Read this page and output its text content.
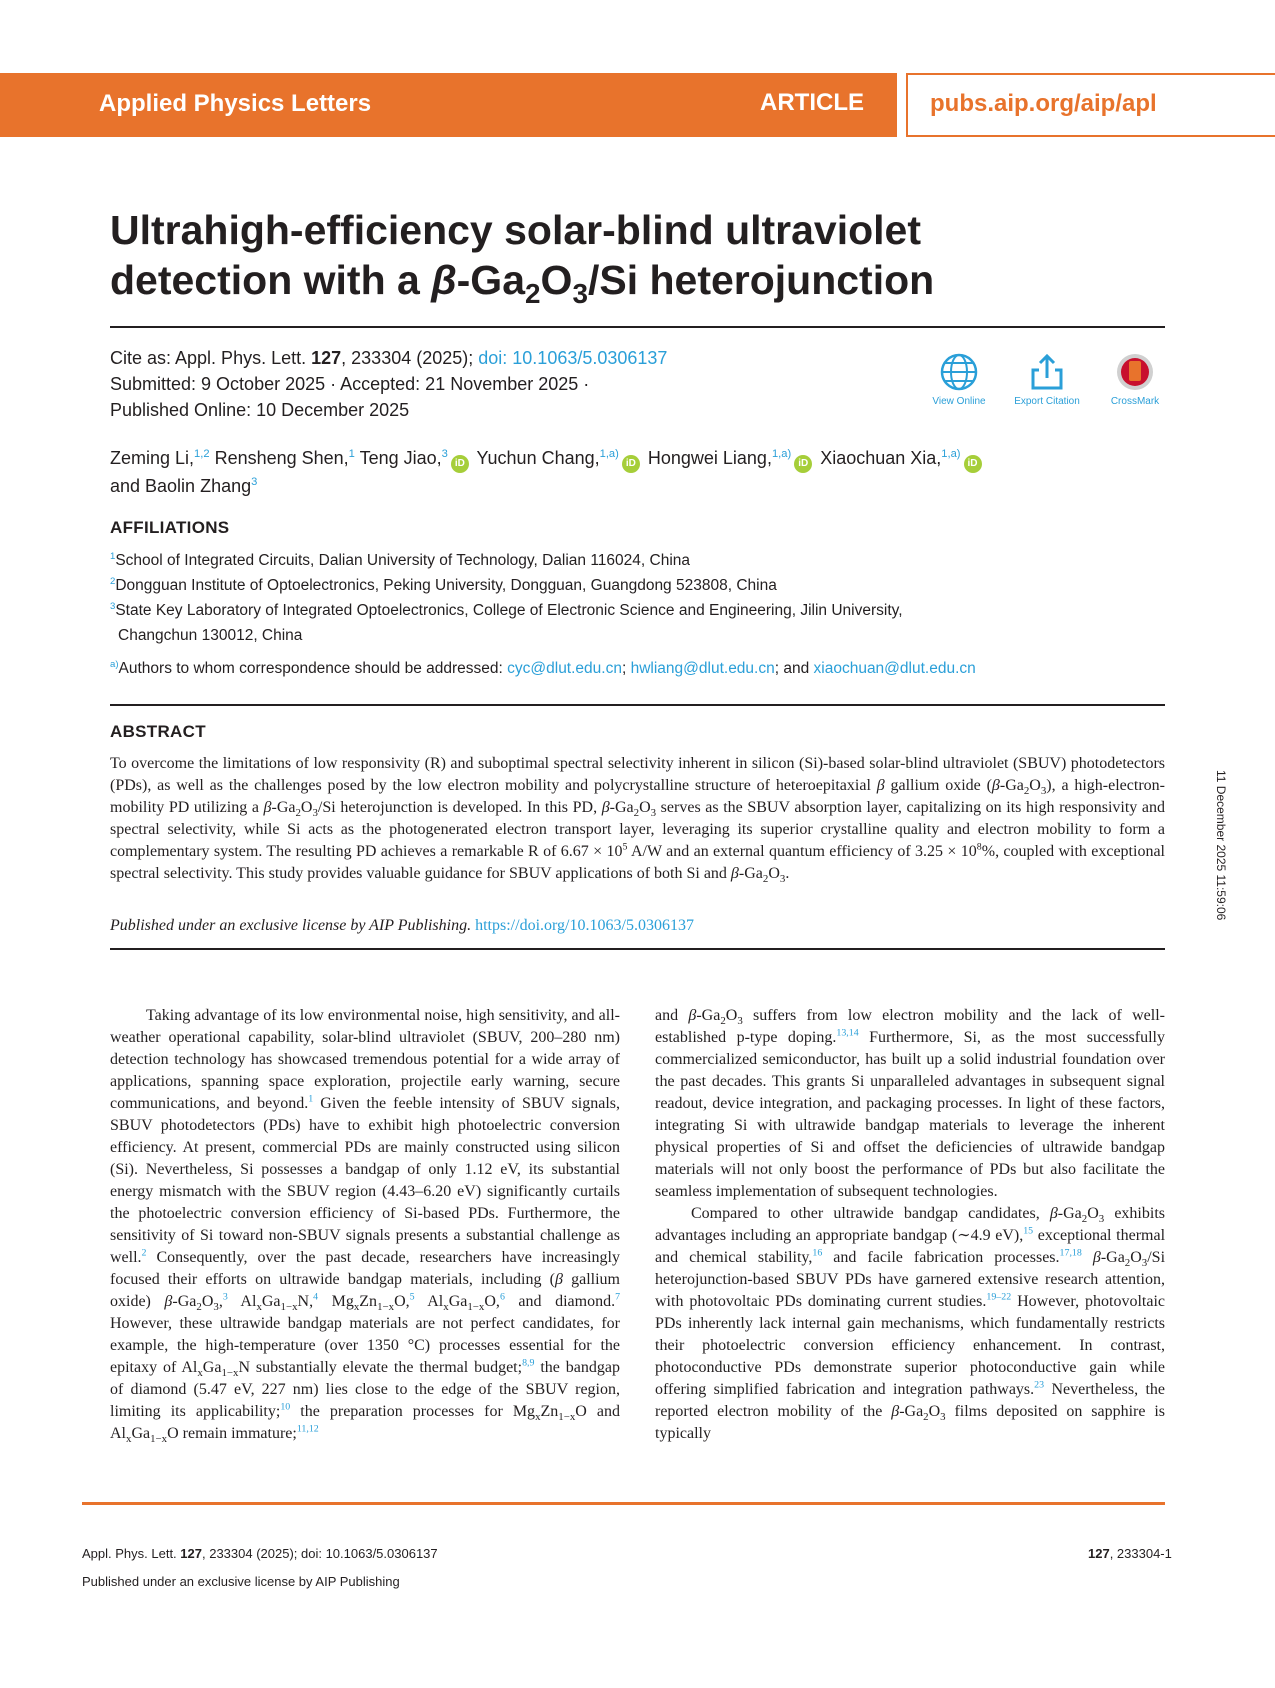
Applied Physics Letters	ARTICLE	pubs.aip.org/aip/apl
Ultrahigh-efficiency solar-blind ultraviolet
detection with a $\beta-Ga_2O_3/Si$ heterojunction
Cite as: Appl. Phys. Lett. 127, 233304 (2025); doi: 10.1063/5.0306137
Submitted: 9 October 2025 · Accepted: 21 November 2025 ·
Published Online: 10 December 2025	View Online	Export Citation	CrossMark
Zeming Li,$^{1,2}$ Rensheng Shen,$^1$ Teng Jiao,$^3$iD Yuchun Chang,$^{1,a)}$iD Hongwei Liang,$^{1,a)}$iD Xiaochuan Xia,$^{1,a)}$iD
and Baolin Zhang$^3$
AFFILIATIONS
$^1$School of Integrated Circuits, Dalian University of Technology, Dalian 116024, China
$^2$Dongguan Institute of Optoelectronics, Peking University, Dongguan, Guangdong 523808, China
$^3$State Key Laboratory of Integrated Optoelectronics, College of Electronic Science and Engineering, Jilin University,
Changchun 130012, China
$^{a)}$Authors to whom correspondence should be addressed: cyc@dlut.edu.cn; hwliang@dlut.edu.cn; and xiaochuan@dlut.edu.cn
ABSTRACT
To overcome the limitations of low responsivity (R) and suboptimal spectral selectivity inherent in silicon (Si)-based solar-blind ultraviolet (SBUV) photodetectors (PDs), as well as the challenges posed by the low electron mobility and polycrystalline structure of heteroepitaxial β gallium oxide $(\beta-Ga_2O_3)$, a high-electron-mobility PD utilizing a $\beta-Ga_2O_3/Si$ heterojunction is developed. In this PD, $\beta-Ga_2O_3$ serves as the SBUV absorption layer, capitalizing on its high responsivity and spectral selectivity, while Si acts as the photogenerated electron transport layer, leveraging its superior crystalline quality and electron mobility to form a complementary system. The resulting PD achieves a remarkable R of $6.67 \times 10^5$ A/W and an external quantum efficiency of $3.25 \times 10^8\%$, coupled with exceptional spectral selectivity. This study provides valuable guidance for SBUV applications of both Si and $\beta-Ga_2O_3$.
Published under an exclusive license by AIP Publishing. https://doi.org/10.1063/5.0306137
11 December 2025 11:59:06
Taking advantage of its low environmental noise, high sensitivity, and all-weather operational capability, solar-blind ultraviolet (SBUV, 200–280 nm) detection technology has showcased tremendous potential for a wide array of applications, spanning space exploration, projectile early warning, secure communications, and beyond.$^1$ Given the feeble intensity of SBUV signals, SBUV photodetectors (PDs) have to exhibit high photoelectric conversion efficiency. At present, commercial PDs are mainly constructed using silicon (Si). Nevertheless, Si possesses a bandgap of only 1.12 eV, its substantial energy mismatch with the SBUV region (4.43–6.20 eV) significantly curtails the photoelectric conversion efficiency of Si-based PDs. Furthermore, the sensitivity of Si toward non-SBUV signals presents a substantial challenge as well.$^2$ Consequently, over the past decade, researchers have increasingly focused their efforts on ultrawide bandgap materials, including (β gallium oxide) $\beta-Ga_2O_3,^3$ $Al_xGa_{1-x}N,^4$ $Mg_xZn_{1-x}O,^5$ $Al_xGa_{1-x}O,^6$ and diamond.$^7$ However, these ultrawide bandgap materials are not perfect candidates, for example, the high-temperature (over 1350 °C) processes essential for the epitaxy of $Al_xGa_{1-x}N$ substantially elevate the thermal budget;$^{8,9}$ the bandgap of diamond (5.47 eV, 227 nm) lies close to the edge of the SBUV region, limiting its applicability;$^{10}$ the preparation processes for $Mg_xZn_{1-x}O$ and $Al_xGa_{1-x}O$ remain immature;$^{11,12}$
and $\beta-Ga_2O_3$ suffers from low electron mobility and the lack of well-established p-type doping.$^{13,14}$ Furthermore, Si, as the most successfully commercialized semiconductor, has built up a solid industrial foundation over the past decades. This grants Si unparalleled advantages in subsequent signal readout, device integration, and packaging processes. In light of these factors, integrating Si with ultrawide bandgap materials to leverage the inherent physical properties of Si and offset the deficiencies of ultrawide bandgap materials will not only boost the performance of PDs but also facilitate the seamless implementation of subsequent technologies.
Compared to other ultrawide bandgap candidates, $\beta-Ga_2O_3$ exhibits advantages including an appropriate bandgap (∼4.9 eV),$^{15}$ exceptional thermal and chemical stability,$^{16}$ and facile fabrication processes.$^{17,18}$ $\beta-Ga_2O_3/Si$ heterojunction-based SBUV PDs have garnered extensive research attention, with photovoltaic PDs dominating current studies.$^{19-22}$ However, photovoltaic PDs inherently lack internal gain mechanisms, which fundamentally restricts their photoelectric conversion efficiency enhancement. In contrast, photoconductive PDs demonstrate superior photoconductive gain while offering simplified fabrication and integration pathways.$^{23}$ Nevertheless, the reported electron mobility of the $\beta-Ga_2O_3$ films deposited on sapphire is typically
Appl. Phys. Lett. 127, 233304 (2025); doi: 10.1063/5.0306137	127, 233304-1
Published under an exclusive license by AIP Publishing
